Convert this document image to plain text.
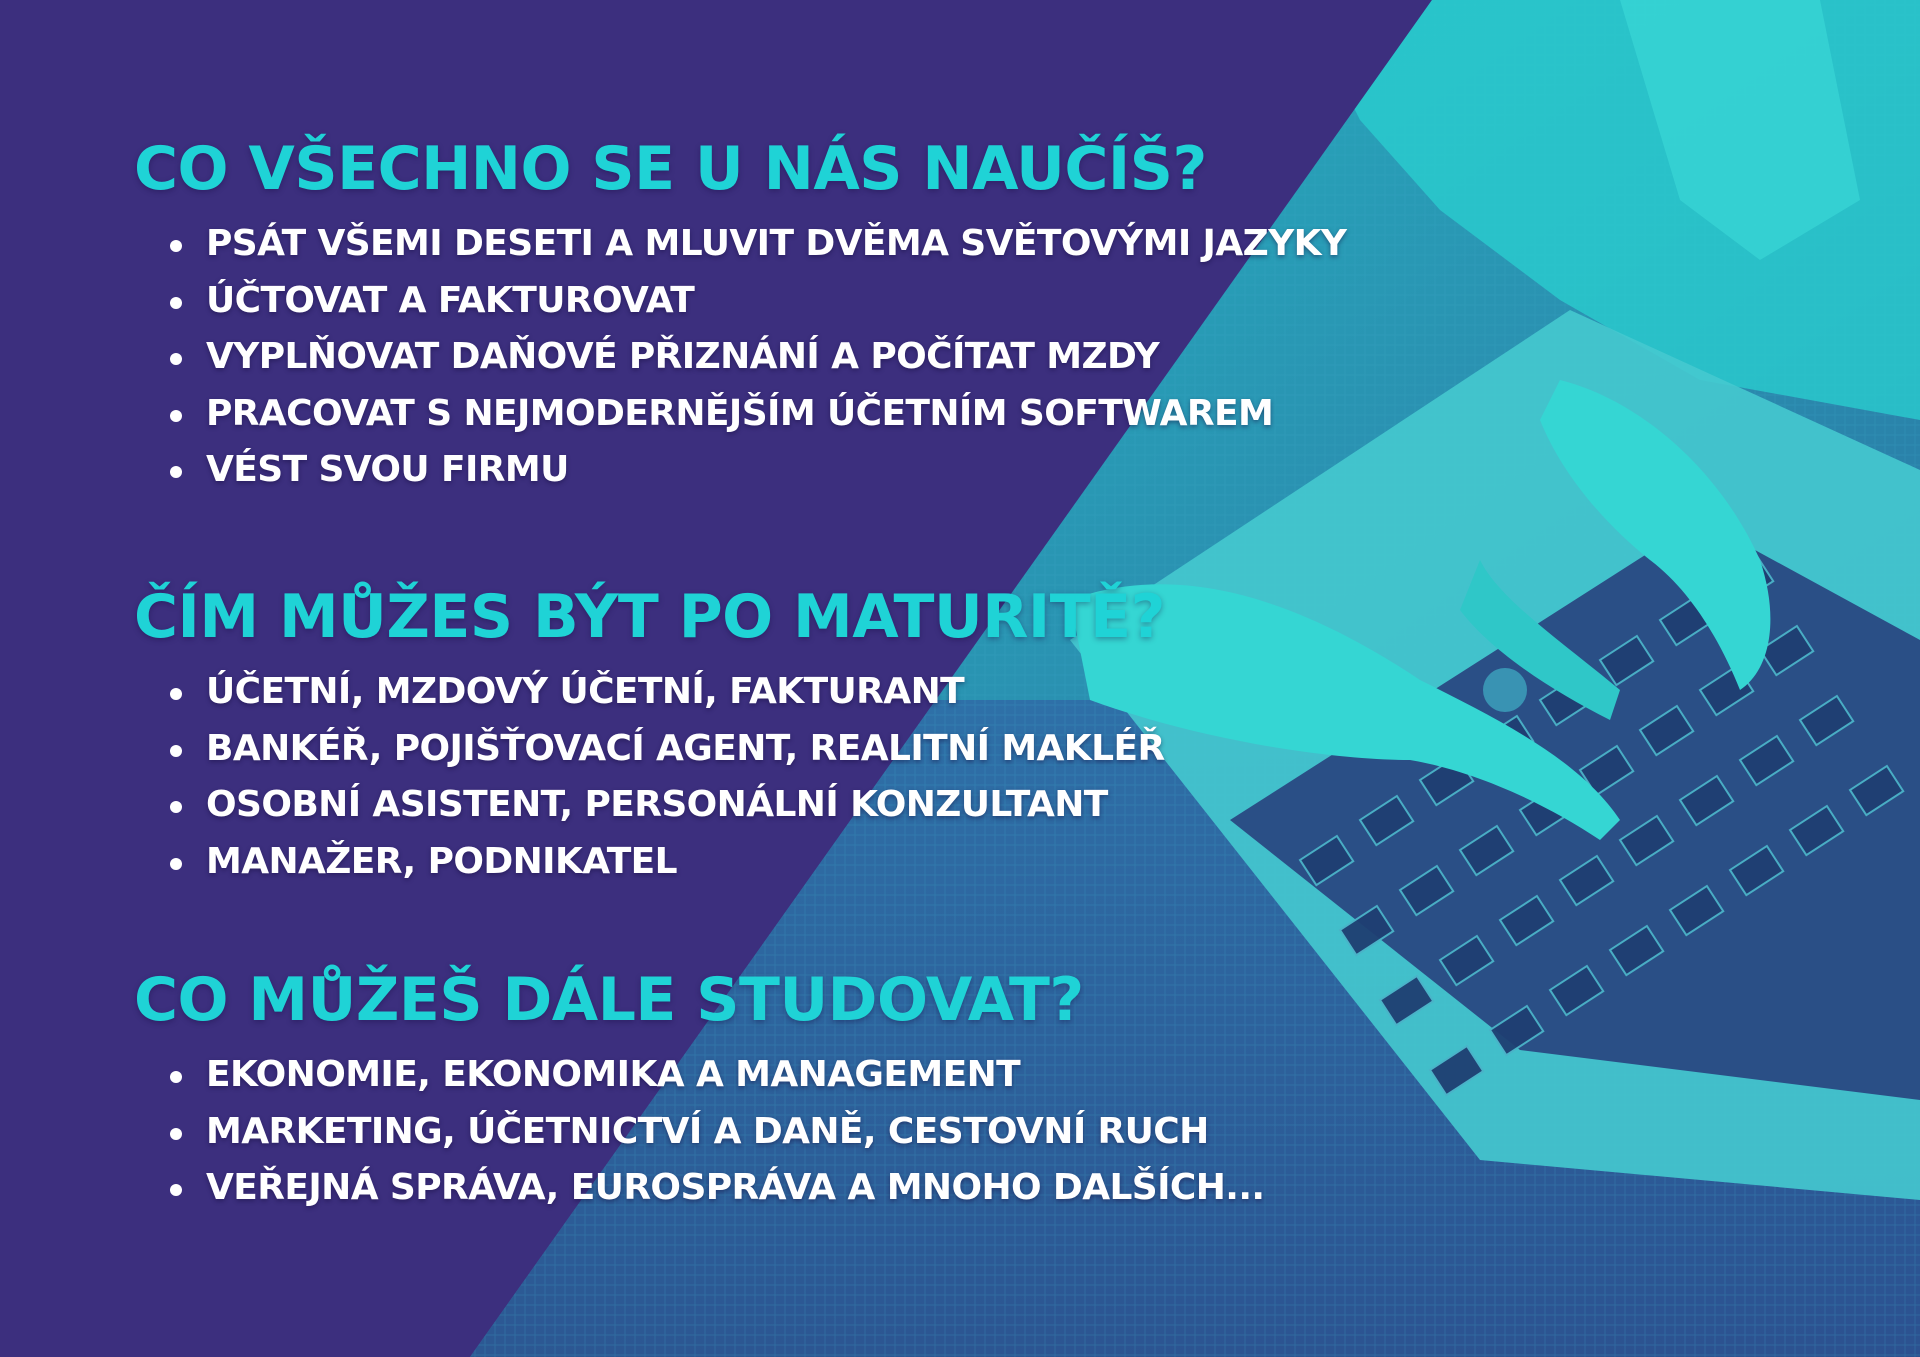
CO VŠECHNO SE U NÁS NAUČÍŠ?
PSÁT VŠEMI DESETI A MLUVIT DVĚMA SVĚTOVÝMI JAZYKY
ÚČTOVAT A FAKTUROVAT
VYPLŇOVAT DAŇOVÉ PŘIZNÁNÍ A POČÍTAT MZDY
PRACOVAT S NEJMODERNĚJŠÍM ÚČETNÍM SOFTWAREM
VÉST SVOU FIRMU
ČÍM MŮŽES BÝT PO MATURITĚ?
ÚČETNÍ, MZDOVÝ ÚČETNÍ, FAKTURANT
BANKÉŘ, POJIŠŤOVACÍ AGENT, REALITNÍ MAKLÉŘ
OSOBNÍ ASISTENT, PERSONÁLNÍ KONZULTANT
MANAŽER, PODNIKATEL
CO MŮŽEŠ DÁLE STUDOVAT?
EKONOMIE, EKONOMIKA A MANAGEMENT
MARKETING, ÚČETNICTVÍ A DANĚ, CESTOVNÍ RUCH
VEŘEJNÁ SPRÁVA, EUROSPRÁVA A MNOHO DALŠÍCH...
